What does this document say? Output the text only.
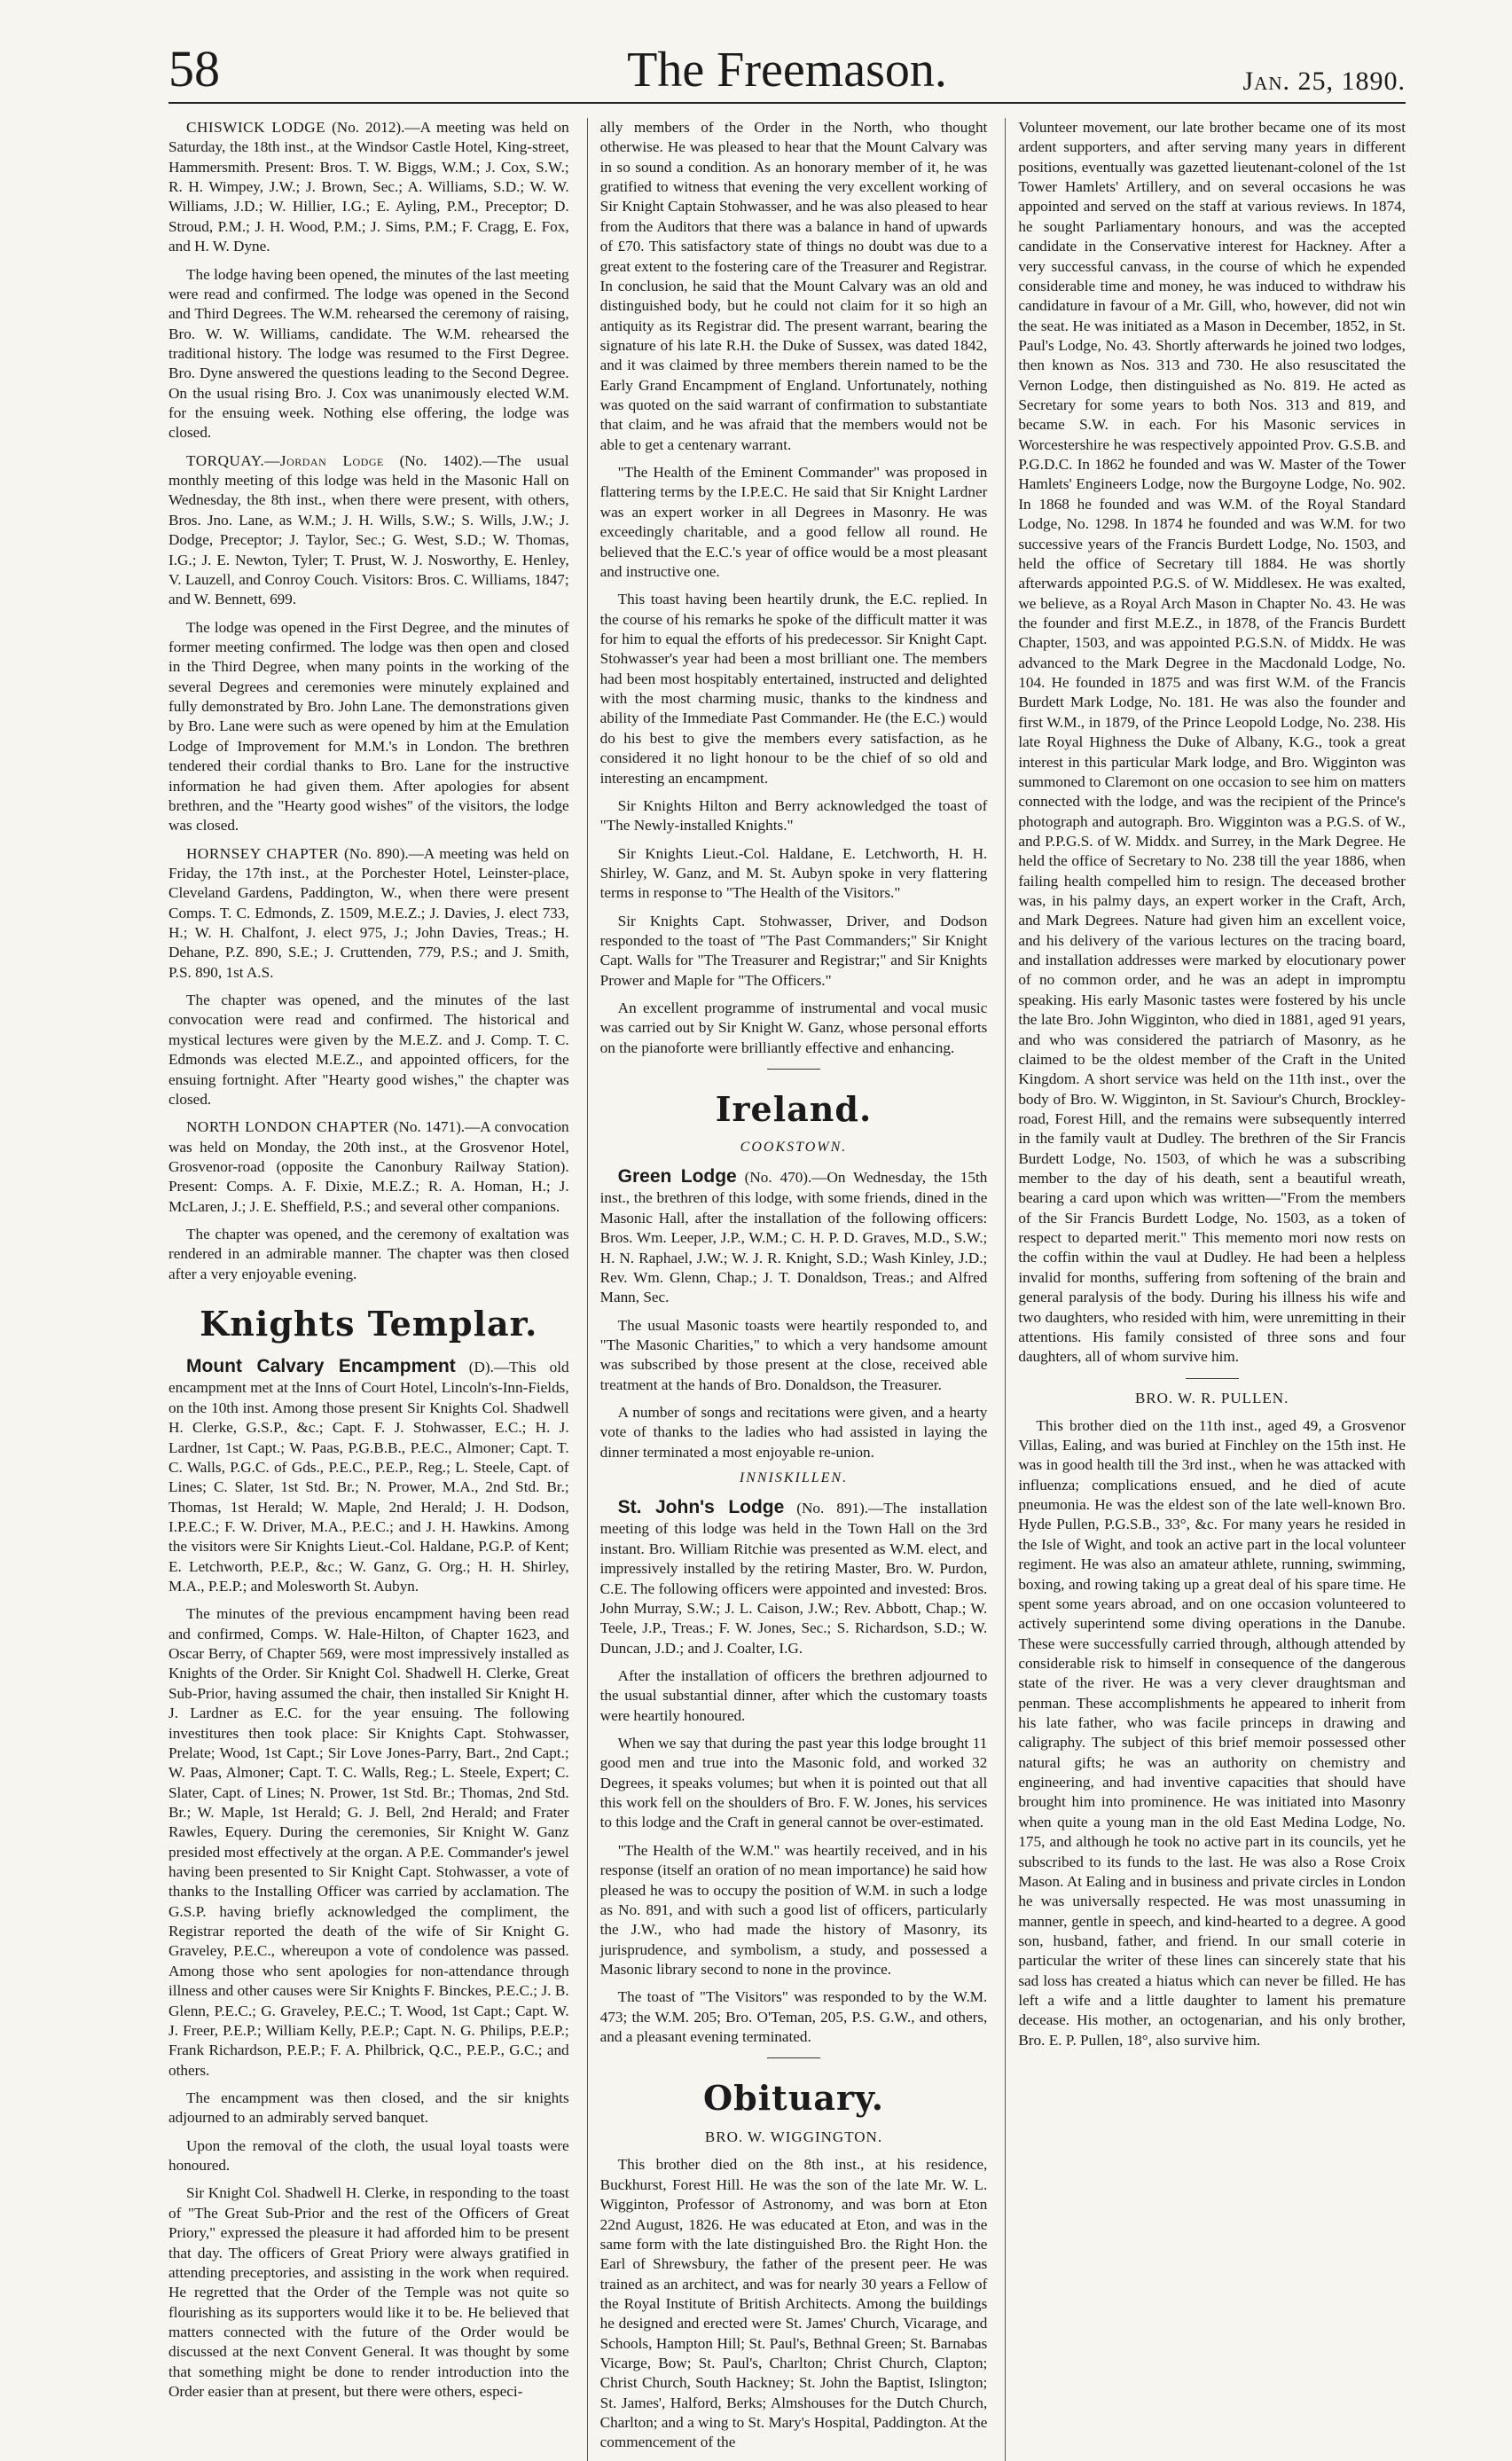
58	The Freemason.	Jan. 25, 1890.

CHISWICK LODGE (No. 2012).—A meeting was held on Saturday, the 18th inst., at the Windsor Castle Hotel, King-street, Hammersmith. Present: Bros. T. W. Biggs, W.M.; J. Cox, S.W.; R. H. Wimpey, J.W.; J. Brown, Sec.; A. Williams, S.D.; W. W. Williams, J.D.; W. Hillier, I.G.; E. Ayling, P.M., Preceptor; D. Stroud, P.M.; J. H. Wood, P.M.; J. Sims, P.M.; F. Cragg, E. Fox, and H. W. Dyne.

The lodge having been opened, the minutes of the last meeting were read and confirmed. The lodge was opened in the Second and Third Degrees. The W.M. rehearsed the ceremony of raising, Bro. W. W. Williams, candidate. The W.M. rehearsed the traditional history. The lodge was resumed to the First Degree. Bro. Dyne answered the questions leading to the Second Degree. On the usual rising Bro. J. Cox was unanimously elected W.M. for the ensuing week. Nothing else offering, the lodge was closed.

TORQUAY.—Jordan Lodge (No. 1402).—The usual monthly meeting of this lodge was held in the Masonic Hall on Wednesday, the 8th inst., when there were present, with others, Bros. Jno. Lane, as W.M.; J. H. Wills, S.W.; S. Wills, J.W.; J. Dodge, Preceptor; J. Taylor, Sec.; G. West, S.D.; W. Thomas, I.G.; J. E. Newton, Tyler; T. Prust, W. J. Nosworthy, E. Henley, V. Lauzell, and Conroy Couch. Visitors: Bros. C. Williams, 1847; and W. Bennett, 699.

The lodge was opened in the First Degree, and the minutes of former meeting confirmed. The lodge was then open and closed in the Third Degree, when many points in the working of the several Degrees and ceremonies were minutely explained and fully demonstrated by Bro. John Lane. The demonstrations given by Bro. Lane were such as were opened by him at the Emulation Lodge of Improvement for M.M.'s in London. The brethren tendered their cordial thanks to Bro. Lane for the instructive information he had given them. After apologies for absent brethren, and the "Hearty good wishes" of the visitors, the lodge was closed.

HORNSEY CHAPTER (No. 890).—A meeting was held on Friday, the 17th inst., at the Porchester Hotel, Leinster-place, Cleveland Gardens, Paddington, W., when there were present Comps. T. C. Edmonds, Z. 1509, M.E.Z.; J. Davies, J. elect 733, H.; W. H. Chalfont, J. elect 975, J.; John Davies, Treas.; H. Dehane, P.Z. 890, S.E.; J. Cruttenden, 779, P.S.; and J. Smith, P.S. 890, 1st A.S.

The chapter was opened, and the minutes of the last convocation were read and confirmed. The historical and mystical lectures were given by the M.E.Z. and J. Comp. T. C. Edmonds was elected M.E.Z., and appointed officers, for the ensuing fortnight. After "Hearty good wishes," the chapter was closed.

NORTH LONDON CHAPTER (No. 1471).—A convocation was held on Monday, the 20th inst., at the Grosvenor Hotel, Grosvenor-road (opposite the Canonbury Railway Station). Present: Comps. A. F. Dixie, M.E.Z.; R. A. Homan, H.; J. McLaren, J.; J. E. Sheffield, P.S.; and several other companions.

The chapter was opened, and the ceremony of exaltation was rendered in an admirable manner. The chapter was then closed after a very enjoyable evening.

Knights Templar.

Mount Calvary Encampment (D).—This old encampment met at the Inns of Court Hotel, Lincoln's-Inn-Fields, on the 10th inst. Among those present Sir Knights Col. Shadwell H. Clerke, G.S.P., &c.; Capt. F. J. Stohwasser, E.C.; H. J. Lardner, 1st Capt.; W. Paas, P.G.B.B., P.E.C., Almoner; Capt. T. C. Walls, P.G.C. of Gds., P.E.C., P.E.P., Reg.; L. Steele, Capt. of Lines; C. Slater, 1st Std. Br.; N. Prower, M.A., 2nd Std. Br.; Thomas, 1st Herald; W. Maple, 2nd Herald; J. H. Dodson, I.P.E.C.; F. W. Driver, M.A., P.E.C.; and J. H. Hawkins. Among the visitors were Sir Knights Lieut.-Col. Haldane, P.G.P. of Kent; E. Letchworth, P.E.P., &c.; W. Ganz, G. Org.; H. H. Shirley, M.A., P.E.P.; and Molesworth St. Aubyn.

The minutes of the previous encampment having been read and confirmed, Comps. W. Hale-Hilton, of Chapter 1623, and Oscar Berry, of Chapter 569, were most impressively installed as Knights of the Order. Sir Knight Col. Shadwell H. Clerke, Great Sub-Prior, having assumed the chair, then installed Sir Knight H. J. Lardner as E.C. for the year ensuing. The following investitures then took place: Sir Knights Capt. Stohwasser, Prelate; Wood, 1st Capt.; Sir Love Jones-Parry, Bart., 2nd Capt.; W. Paas, Almoner; Capt. T. C. Walls, Reg.; L. Steele, Expert; C. Slater, Capt. of Lines; N. Prower, 1st Std. Br.; Thomas, 2nd Std. Br.; W. Maple, 1st Herald; G. J. Bell, 2nd Herald; and Frater Rawles, Equery. During the ceremonies, Sir Knight W. Ganz presided most effectively at the organ. A P.E. Commander's jewel having been presented to Sir Knight Capt. Stohwasser, a vote of thanks to the Installing Officer was carried by acclamation. The G.S.P. having briefly acknowledged the compliment, the Registrar reported the death of the wife of Sir Knight G. Graveley, P.E.C., whereupon a vote of condolence was passed. Among those who sent apologies for non-attendance through illness and other causes were Sir Knights F. Binckes, P.E.C.; J. B. Glenn, P.E.C.; G. Graveley, P.E.C.; T. Wood, 1st Capt.; Capt. W. J. Freer, P.E.P.; William Kelly, P.E.P.; Capt. N. G. Philips, P.E.P.; Frank Richardson, P.E.P.; F. A. Philbrick, Q.C., P.E.P., G.C.; and others.

The encampment was then closed, and the sir knights adjourned to an admirably served banquet.

Upon the removal of the cloth, the usual loyal toasts were honoured.

Sir Knight Col. Shadwell H. Clerke, in responding to the toast of "The Great Sub-Prior and the rest of the Officers of Great Priory," expressed the pleasure it had afforded him to be present that day. The officers of Great Priory were always gratified in attending preceptories, and assisting in the work when required. He regretted that the Order of the Temple was not quite so flourishing as its supporters would like it to be. He believed that matters connected with the future of the Order would be discussed at the next Convent General. It was thought by some that something might be done to render introduction into the Order easier than at present, but there were others, especi-

ally members of the Order in the North, who thought otherwise. He was pleased to hear that the Mount Calvary was in so sound a condition. As an honorary member of it, he was gratified to witness that evening the very excellent working of Sir Knight Captain Stohwasser, and he was also pleased to hear from the Auditors that there was a balance in hand of upwards of £70. This satisfactory state of things no doubt was due to a great extent to the fostering care of the Treasurer and Registrar. In conclusion, he said that the Mount Calvary was an old and distinguished body, but he could not claim for it so high an antiquity as its Registrar did. The present warrant, bearing the signature of his late R.H. the Duke of Sussex, was dated 1842, and it was claimed by three members therein named to be the Early Grand Encampment of England. Unfortunately, nothing was quoted on the said warrant of confirmation to substantiate that claim, and he was afraid that the members would not be able to get a centenary warrant.

"The Health of the Eminent Commander" was proposed in flattering terms by the I.P.E.C. He said that Sir Knight Lardner was an expert worker in all Degrees in Masonry. He was exceedingly charitable, and a good fellow all round. He believed that the E.C.'s year of office would be a most pleasant and instructive one.

This toast having been heartily drunk, the E.C. replied. In the course of his remarks he spoke of the difficult matter it was for him to equal the efforts of his predecessor. Sir Knight Capt. Stohwasser's year had been a most brilliant one. The members had been most hospitably entertained, instructed and delighted with the most charming music, thanks to the kindness and ability of the Immediate Past Commander. He (the E.C.) would do his best to give the members every satisfaction, as he considered it no light honour to be the chief of so old and interesting an encampment.

Sir Knights Hilton and Berry acknowledged the toast of "The Newly-installed Knights."

Sir Knights Lieut.-Col. Haldane, E. Letchworth, H. H. Shirley, W. Ganz, and M. St. Aubyn spoke in very flattering terms in response to "The Health of the Visitors."

Sir Knights Capt. Stohwasser, Driver, and Dodson responded to the toast of "The Past Commanders;" Sir Knight Capt. Walls for "The Treasurer and Registrar;" and Sir Knights Prower and Maple for "The Officers."

An excellent programme of instrumental and vocal music was carried out by Sir Knight W. Ganz, whose personal efforts on the pianoforte were brilliantly effective and enhancing.

Ireland.
COOKSTOWN.

Green Lodge (No. 470).—On Wednesday, the 15th inst., the brethren of this lodge, with some friends, dined in the Masonic Hall, after the installation of the following officers: Bros. Wm. Leeper, J.P., W.M.; C. H. P. D. Graves, M.D., S.W.; H. N. Raphael, J.W.; W. J. R. Knight, S.D.; Wash Kinley, J.D.; Rev. Wm. Glenn, Chap.; J. T. Donaldson, Treas.; and Alfred Mann, Sec.

The usual Masonic toasts were heartily responded to, and "The Masonic Charities," to which a very handsome amount was subscribed by those present at the close, received able treatment at the hands of Bro. Donaldson, the Treasurer.

A number of songs and recitations were given, and a hearty vote of thanks to the ladies who had assisted in laying the dinner terminated a most enjoyable re-union.

INNISKILLEN.

St. John's Lodge (No. 891).—The installation meeting of this lodge was held in the Town Hall on the 3rd instant. Bro. William Ritchie was presented as W.M. elect, and impressively installed by the retiring Master, Bro. W. Purdon, C.E. The following officers were appointed and invested: Bros. John Murray, S.W.; J. L. Caison, J.W.; Rev. Abbott, Chap.; W. Teele, J.P., Treas.; F. W. Jones, Sec.; S. Richardson, S.D.; W. Duncan, J.D.; and J. Coalter, I.G.

After the installation of officers the brethren adjourned to the usual substantial dinner, after which the customary toasts were heartily honoured.

When we say that during the past year this lodge brought 11 good men and true into the Masonic fold, and worked 32 Degrees, it speaks volumes; but when it is pointed out that all this work fell on the shoulders of Bro. F. W. Jones, his services to this lodge and the Craft in general cannot be over-estimated.

"The Health of the W.M." was heartily received, and in his response (itself an oration of no mean importance) he said how pleased he was to occupy the position of W.M. in such a lodge as No. 891, and with such a good list of officers, particularly the J.W., who had made the history of Masonry, its jurisprudence, and symbolism, a study, and possessed a Masonic library second to none in the province.

The toast of "The Visitors" was responded to by the W.M. 473; the W.M. 205; Bro. O'Teman, 205, P.S. G.W., and others, and a pleasant evening terminated.

Obituary.
BRO. W. WIGGINGTON.

This brother died on the 8th inst., at his residence, Buckhurst, Forest Hill. He was the son of the late Mr. W. L. Wigginton, Professor of Astronomy, and was born at Eton 22nd August, 1826. He was educated at Eton, and was in the same form with the late distinguished Bro. the Right Hon. the Earl of Shrewsbury, the father of the present peer. He was trained as an architect, and was for nearly 30 years a Fellow of the Royal Institute of British Architects. Among the buildings he designed and erected were St. James' Church, Vicarage, and Schools, Hampton Hill; St. Paul's, Bethnal Green; St. Barnabas Vicarge, Bow; St. Paul's, Charlton; Christ Church, Clapton; Christ Church, South Hackney; St. John the Baptist, Islington; St. James', Halford, Berks; Almshouses for the Dutch Church, Charlton; and a wing to St. Mary's Hospital, Paddington. At the commencement of the

Volunteer movement, our late brother became one of its most ardent supporters, and after serving many years in different positions, eventually was gazetted lieutenant-colonel of the 1st Tower Hamlets' Artillery, and on several occasions he was appointed and served on the staff at various reviews. In 1874, he sought Parliamentary honours, and was the accepted candidate in the Conservative interest for Hackney. After a very successful canvass, in the course of which he expended considerable time and money, he was induced to withdraw his candidature in favour of a Mr. Gill, who, however, did not win the seat. He was initiated as a Mason in December, 1852, in St. Paul's Lodge, No. 43. Shortly afterwards he joined two lodges, then known as Nos. 313 and 730. He also resuscitated the Vernon Lodge, then distinguished as No. 819. He acted as Secretary for some years to both Nos. 313 and 819, and became S.W. in each. For his Masonic services in Worcestershire he was respectively appointed Prov. G.S.B. and P.G.D.C. In 1862 he founded and was W. Master of the Tower Hamlets' Engineers Lodge, now the Burgoyne Lodge, No. 902. In 1868 he founded and was W.M. of the Royal Standard Lodge, No. 1298. In 1874 he founded and was W.M. for two successive years of the Francis Burdett Lodge, No. 1503, and held the office of Secretary till 1884. He was shortly afterwards appointed P.G.S. of W. Middlesex. He was exalted, we believe, as a Royal Arch Mason in Chapter No. 43. He was the founder and first M.E.Z., in 1878, of the Francis Burdett Chapter, 1503, and was appointed P.G.S.N. of Middx. He was advanced to the Mark Degree in the Macdonald Lodge, No. 104. He founded in 1875 and was first W.M. of the Francis Burdett Mark Lodge, No. 181. He was also the founder and first W.M., in 1879, of the Prince Leopold Lodge, No. 238. His late Royal Highness the Duke of Albany, K.G., took a great interest in this particular Mark lodge, and Bro. Wigginton was summoned to Claremont on one occasion to see him on matters connected with the lodge, and was the recipient of the Prince's photograph and autograph. Bro. Wigginton was a P.G.S. of W., and P.P.G.S. of W. Middx. and Surrey, in the Mark Degree. He held the office of Secretary to No. 238 till the year 1886, when failing health compelled him to resign. The deceased brother was, in his palmy days, an expert worker in the Craft, Arch, and Mark Degrees. Nature had given him an excellent voice, and his delivery of the various lectures on the tracing board, and installation addresses were marked by elocutionary power of no common order, and he was an adept in impromptu speaking. His early Masonic tastes were fostered by his uncle the late Bro. John Wigginton, who died in 1881, aged 91 years, and who was considered the patriarch of Masonry, as he claimed to be the oldest member of the Craft in the United Kingdom. A short service was held on the 11th inst., over the body of Bro. W. Wigginton, in St. Saviour's Church, Brockley-road, Forest Hill, and the remains were subsequently interred in the family vault at Dudley. The brethren of the Sir Francis Burdett Lodge, No. 1503, of which he was a subscribing member to the day of his death, sent a beautiful wreath, bearing a card upon which was written—"From the members of the Sir Francis Burdett Lodge, No. 1503, as a token of respect to departed merit." This memento mori now rests on the coffin within the vaul at Dudley. He had been a helpless invalid for months, suffering from softening of the brain and general paralysis of the body. During his illness his wife and two daughters, who resided with him, were unremitting in their attentions. His family consisted of three sons and four daughters, all of whom survive him.

BRO. W. R. PULLEN.

This brother died on the 11th inst., aged 49, a Grosvenor Villas, Ealing, and was buried at Finchley on the 15th inst. He was in good health till the 3rd inst., when he was attacked with influenza; complications ensued, and he died of acute pneumonia. He was the eldest son of the late well-known Bro. Hyde Pullen, P.G.S.B., 33°, &c. For many years he resided in the Isle of Wight, and took an active part in the local volunteer regiment. He was also an amateur athlete, running, swimming, boxing, and rowing taking up a great deal of his spare time. He spent some years abroad, and on one occasion volunteered to actively superintend some diving operations in the Danube. These were successfully carried through, although attended by considerable risk to himself in consequence of the dangerous state of the river. He was a very clever draughtsman and penman. These accomplishments he appeared to inherit from his late father, who was facile princeps in drawing and caligraphy. The subject of this brief memoir possessed other natural gifts; he was an authority on chemistry and engineering, and had inventive capacities that should have brought him into prominence. He was initiated into Masonry when quite a young man in the old East Medina Lodge, No. 175, and although he took no active part in its councils, yet he subscribed to its funds to the last. He was also a Rose Croix Mason. At Ealing and in business and private circles in London he was universally respected. He was most unassuming in manner, gentle in speech, and kind-hearted to a degree. A good son, husband, father, and friend. In our small coterie in particular the writer of these lines can sincerely state that his sad loss has created a hiatus which can never be filled. He has left a wife and a little daughter to lament his premature decease. His mother, an octogenarian, and his only brother, Bro. E. P. Pullen, 18°, also survive him.
